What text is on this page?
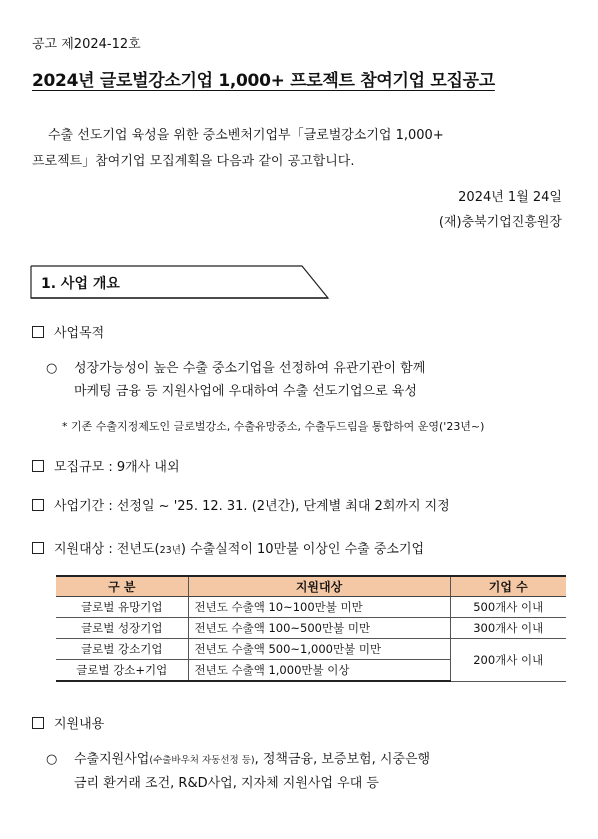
공고 제2024-12호
2024년 글로벌강소기업 1,000+ 프로젝트 참여기업 모집공고
수출 선도기업 육성을 위한 중소벤처기업부「글로벌강소기업 1,000+
프로젝트」참여기업 모집계획을 다음과 같이 공고합니다.
2024년 1월 24일
(재)충북기업진흥원장
1. 사업 개요
사업목적
○ 성장가능성이 높은 수출 중소기업을 선정하여 유관기관이 함께
마케팅 금융 등 지원사업에 우대하여 수출 선도기업으로 육성
* 기존 수출지정제도인 글로벌강소, 수출유망중소, 수출두드림을 통합하여 운영('23년~)
모집규모 : 9개사 내외
사업기간 : 선정일 ~ '25. 12. 31. (2년간), 단계별 최대 2회까지 지정
지원대상 : 전년도(23년) 수출실적이 10만불 이상인 수출 중소기업
구 분	지원대상	기업 수
글로벌 유망기업	전년도 수출액 10~100만불 미만	500개사 이내
글로벌 성장기업	전년도 수출액 100~500만불 미만	300개사 이내
글로벌 강소기업	전년도 수출액 500~1,000만불 미만	200개사 이내
글로벌 강소+기업	전년도 수출액 1,000만불 이상	
지원내용
○ 수출지원사업(수출바우처 자동선정 등), 정책금융, 보증보험, 시중은행
금리 환거래 조건, R&D사업, 지자체 지원사업 우대 등
